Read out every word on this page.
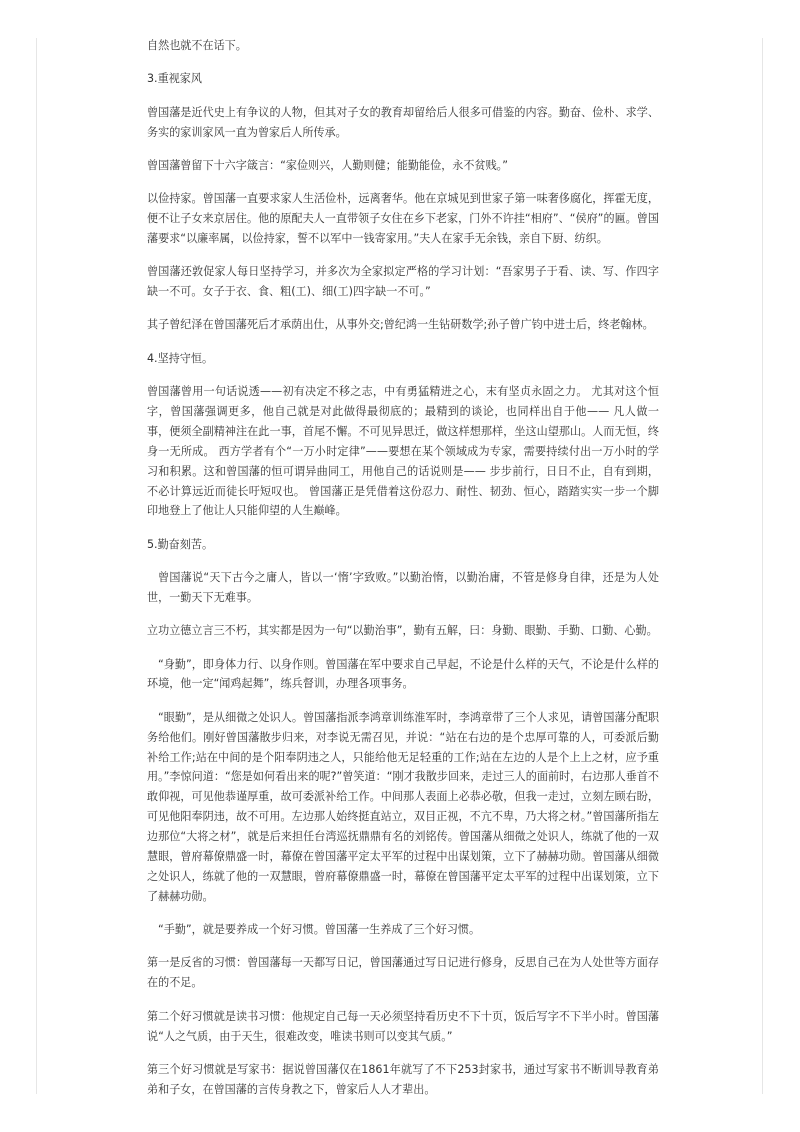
自然也就不在话下。

3.重视家风

曾国藩是近代史上有争议的人物，但其对子女的教育却留给后人很多可借鉴的内容。勤奋、俭朴、求学、务实的家训家风一直为曾家后人所传承。

曾国藩曾留下十六字箴言：“家俭则兴，人勤则健；能勤能俭，永不贫贱。”

以俭持家。曾国藩一直要求家人生活俭朴，远离奢华。他在京城见到世家子第一味奢侈腐化，挥霍无度，便不让子女来京居住。他的原配夫人一直带领子女住在乡下老家，门外不许挂“相府”、“侯府”的匾。曾国藩要求“以廉率属，以俭持家，誓不以军中一钱寄家用。”夫人在家手无余钱，亲自下厨、纺织。

曾国藩还敦促家人每日坚持学习，并多次为全家拟定严格的学习计划：“吾家男子于看、读、写、作四字缺一不可。女子于衣、食、粗(工)、细(工)四字缺一不可。”

其子曾纪泽在曾国藩死后才承荫出仕，从事外交;曾纪鸿一生钻研数学;孙子曾广钧中进士后，终老翰林。

4.坚持守恒。

曾国藩曾用一句话说透——初有决定不移之志，中有勇猛精进之心，末有坚贞永固之力。 尤其对这个恒字，曾国藩强调更多，他自己就是对此做得最彻底的；最精到的谈论，也同样出自于他—— 凡人做一事，便须全副精神注在此一事，首尾不懈。不可见异思迁，做这样想那样，坐这山望那山。人而无恒，终身一无所成。 西方学者有个“一万小时定律”——要想在某个领域成为专家，需要持续付出一万小时的学习和积累。这和曾国藩的恒可谓异曲同工，用他自己的话说则是—— 步步前行，日日不止，自有到期，不必计算远近而徒长吁短叹也。 曾国藩正是凭借着这份忍力、耐性、韧劲、恒心，踏踏实实一步一个脚印地登上了他让人只能仰望的人生巅峰。

5.勤奋刻苦。

曾国藩说“天下古今之庸人，皆以一‘惰’字致败。”以勤治惰，以勤治庸，不管是修身自律，还是为人处世，一勤天下无难事。

立功立德立言三不朽，其实都是因为一句“以勤治事”，勤有五解，曰：身勤、眼勤、手勤、口勤、心勤。

“身勤”，即身体力行、以身作则。曾国藩在军中要求自己早起，不论是什么样的天气，不论是什么样的环境，他一定“闻鸡起舞”，练兵督训，办理各项事务。

“眼勤”，是从细微之处识人。曾国藩指派李鸿章训练淮军时，李鸿章带了三个人求见，请曾国藩分配职务给他们。刚好曾国藩散步归来，对李说无需召见，并说：“站在右边的是个忠厚可靠的人，可委派后勤补给工作;站在中间的是个阳奉阴违之人，只能给他无足轻重的工作;站在左边的人是个上上之材，应予重用。”李惊问道：“您是如何看出来的呢?”曾笑道：“刚才我散步回来，走过三人的面前时，右边那人垂首不敢仰视，可见他恭谨厚重，故可委派补给工作。中间那人表面上必恭必敬，但我一走过，立刻左顾右盼，可见他阳奉阴违，故不可用。左边那人始终挺直站立，双目正视，不亢不卑，乃大将之材。”曾国藩所指左边那位“大将之材”，就是后来担任台湾巡抚鼎鼎有名的刘铭传。曾国藩从细微之处识人，练就了他的一双慧眼，曾府幕僚鼎盛一时，幕僚在曾国藩平定太平军的过程中出谋划策，立下了赫赫功勋。曾国藩从细微之处识人，练就了他的一双慧眼，曾府幕僚鼎盛一时，幕僚在曾国藩平定太平军的过程中出谋划策，立下了赫赫功勋。

“手勤”，就是要养成一个好习惯。曾国藩一生养成了三个好习惯。

第一是反省的习惯：曾国藩每一天都写日记，曾国藩通过写日记进行修身，反思自己在为人处世等方面存在的不足。

第二个好习惯就是读书习惯：他规定自己每一天必须坚持看历史不下十页，饭后写字不下半小时。曾国藩说“人之气质，由于天生，很难改变，唯读书则可以变其气质。”

第三个好习惯就是写家书：据说曾国藩仅在1861年就写了不下253封家书，通过写家书不断训导教育弟弟和子女，在曾国藩的言传身教之下，曾家后人人才辈出。
